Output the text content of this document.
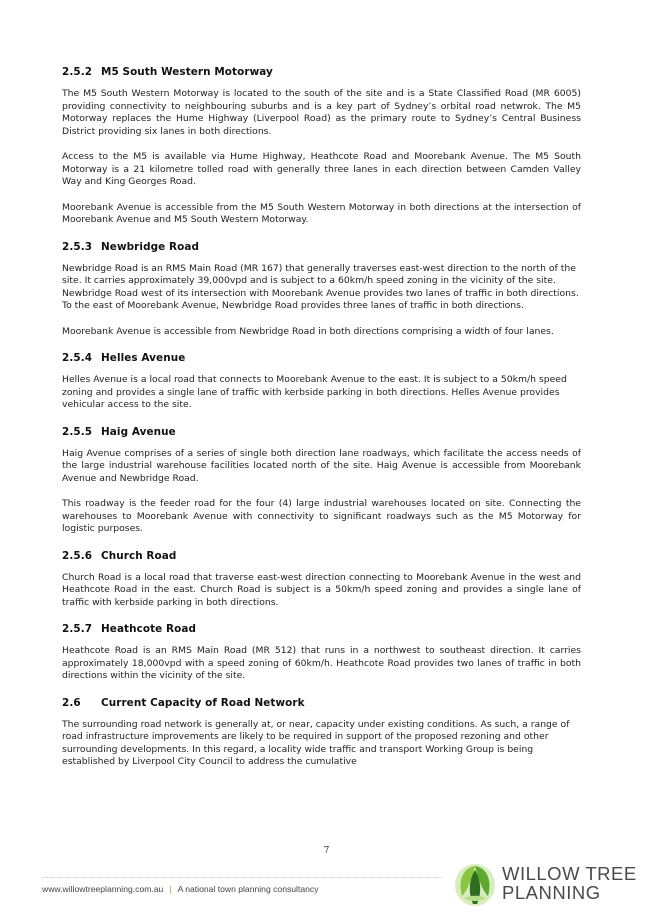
2.5.2 M5 South Western Motorway

The M5 South Western Motorway is located to the south of the site and is a State Classified Road (MR 6005) providing connectivity to neighbouring suburbs and is a key part of Sydney’s orbital road netwrok. The M5 Motorway replaces the Hume Highway (Liverpool Road) as the primary route to Sydney’s Central Business District providing six lanes in both directions.

Access to the M5 is available via Hume Highway, Heathcote Road and Moorebank Avenue. The M5 South Motorway is a 21 kilometre tolled road with generally three lanes in each direction between Camden Valley Way and King Georges Road.

Moorebank Avenue is accessible from the M5 South Western Motorway in both directions at the intersection of Moorebank Avenue and M5 South Western Motorway.

2.5.3 Newbridge Road

Newbridge Road is an RMS Main Road (MR 167) that generally traverses east-west direction to the north of the site. It carries approximately 39,000vpd and is subject to a 60km/h speed zoning in the vicinity of the site. Newbridge Road west of its intersection with Moorebank Avenue provides two lanes of traffic in both directions. To the east of Moorebank Avenue, Newbridge Road provides three lanes of traffic in both directions.

Moorebank Avenue is accessible from Newbridge Road in both directions comprising a width of four lanes.

2.5.4 Helles Avenue

Helles Avenue is a local road that connects to Moorebank Avenue to the east. It is subject to a 50km/h speed zoning and provides a single lane of traffic with kerbside parking in both directions. Helles Avenue provides vehicular access to the site.

2.5.5 Haig Avenue

Haig Avenue comprises of a series of single both direction lane roadways, which facilitate the access needs of the large industrial warehouse facilities located north of the site. Haig Avenue is accessible from Moorebank Avenue and Newbridge Road.

This roadway is the feeder road for the four (4) large industrial warehouses located on site. Connecting the warehouses to Moorebank Avenue with connectivity to significant roadways such as the M5 Motorway for logistic purposes.

2.5.6 Church Road

Church Road is a local road that traverse east-west direction connecting to Moorebank Avenue in the west and Heathcote Road in the east. Church Road is subject is a 50km/h speed zoning and provides a single lane of traffic with kerbside parking in both directions.

2.5.7 Heathcote Road

Heathcote Road is an RMS Main Road (MR 512) that runs in a northwest to southeast direction. It carries approximately 18,000vpd with a speed zoning of 60km/h. Heathcote Road provides two lanes of traffic in both directions within the vicinity of the site.

2.6 Current Capacity of Road Network

The surrounding road network is generally at, or near, capacity under existing conditions. As such, a range of road infrastructure improvements are likely to be required in support of the proposed rezoning and other surrounding developments. In this regard, a locality wide traffic and transport Working Group is being established by Liverpool City Council to address the cumulative

7
www.willowtreeplanning.com.au | A national town planning consultancy
WILLOW TREE
PLANNING
